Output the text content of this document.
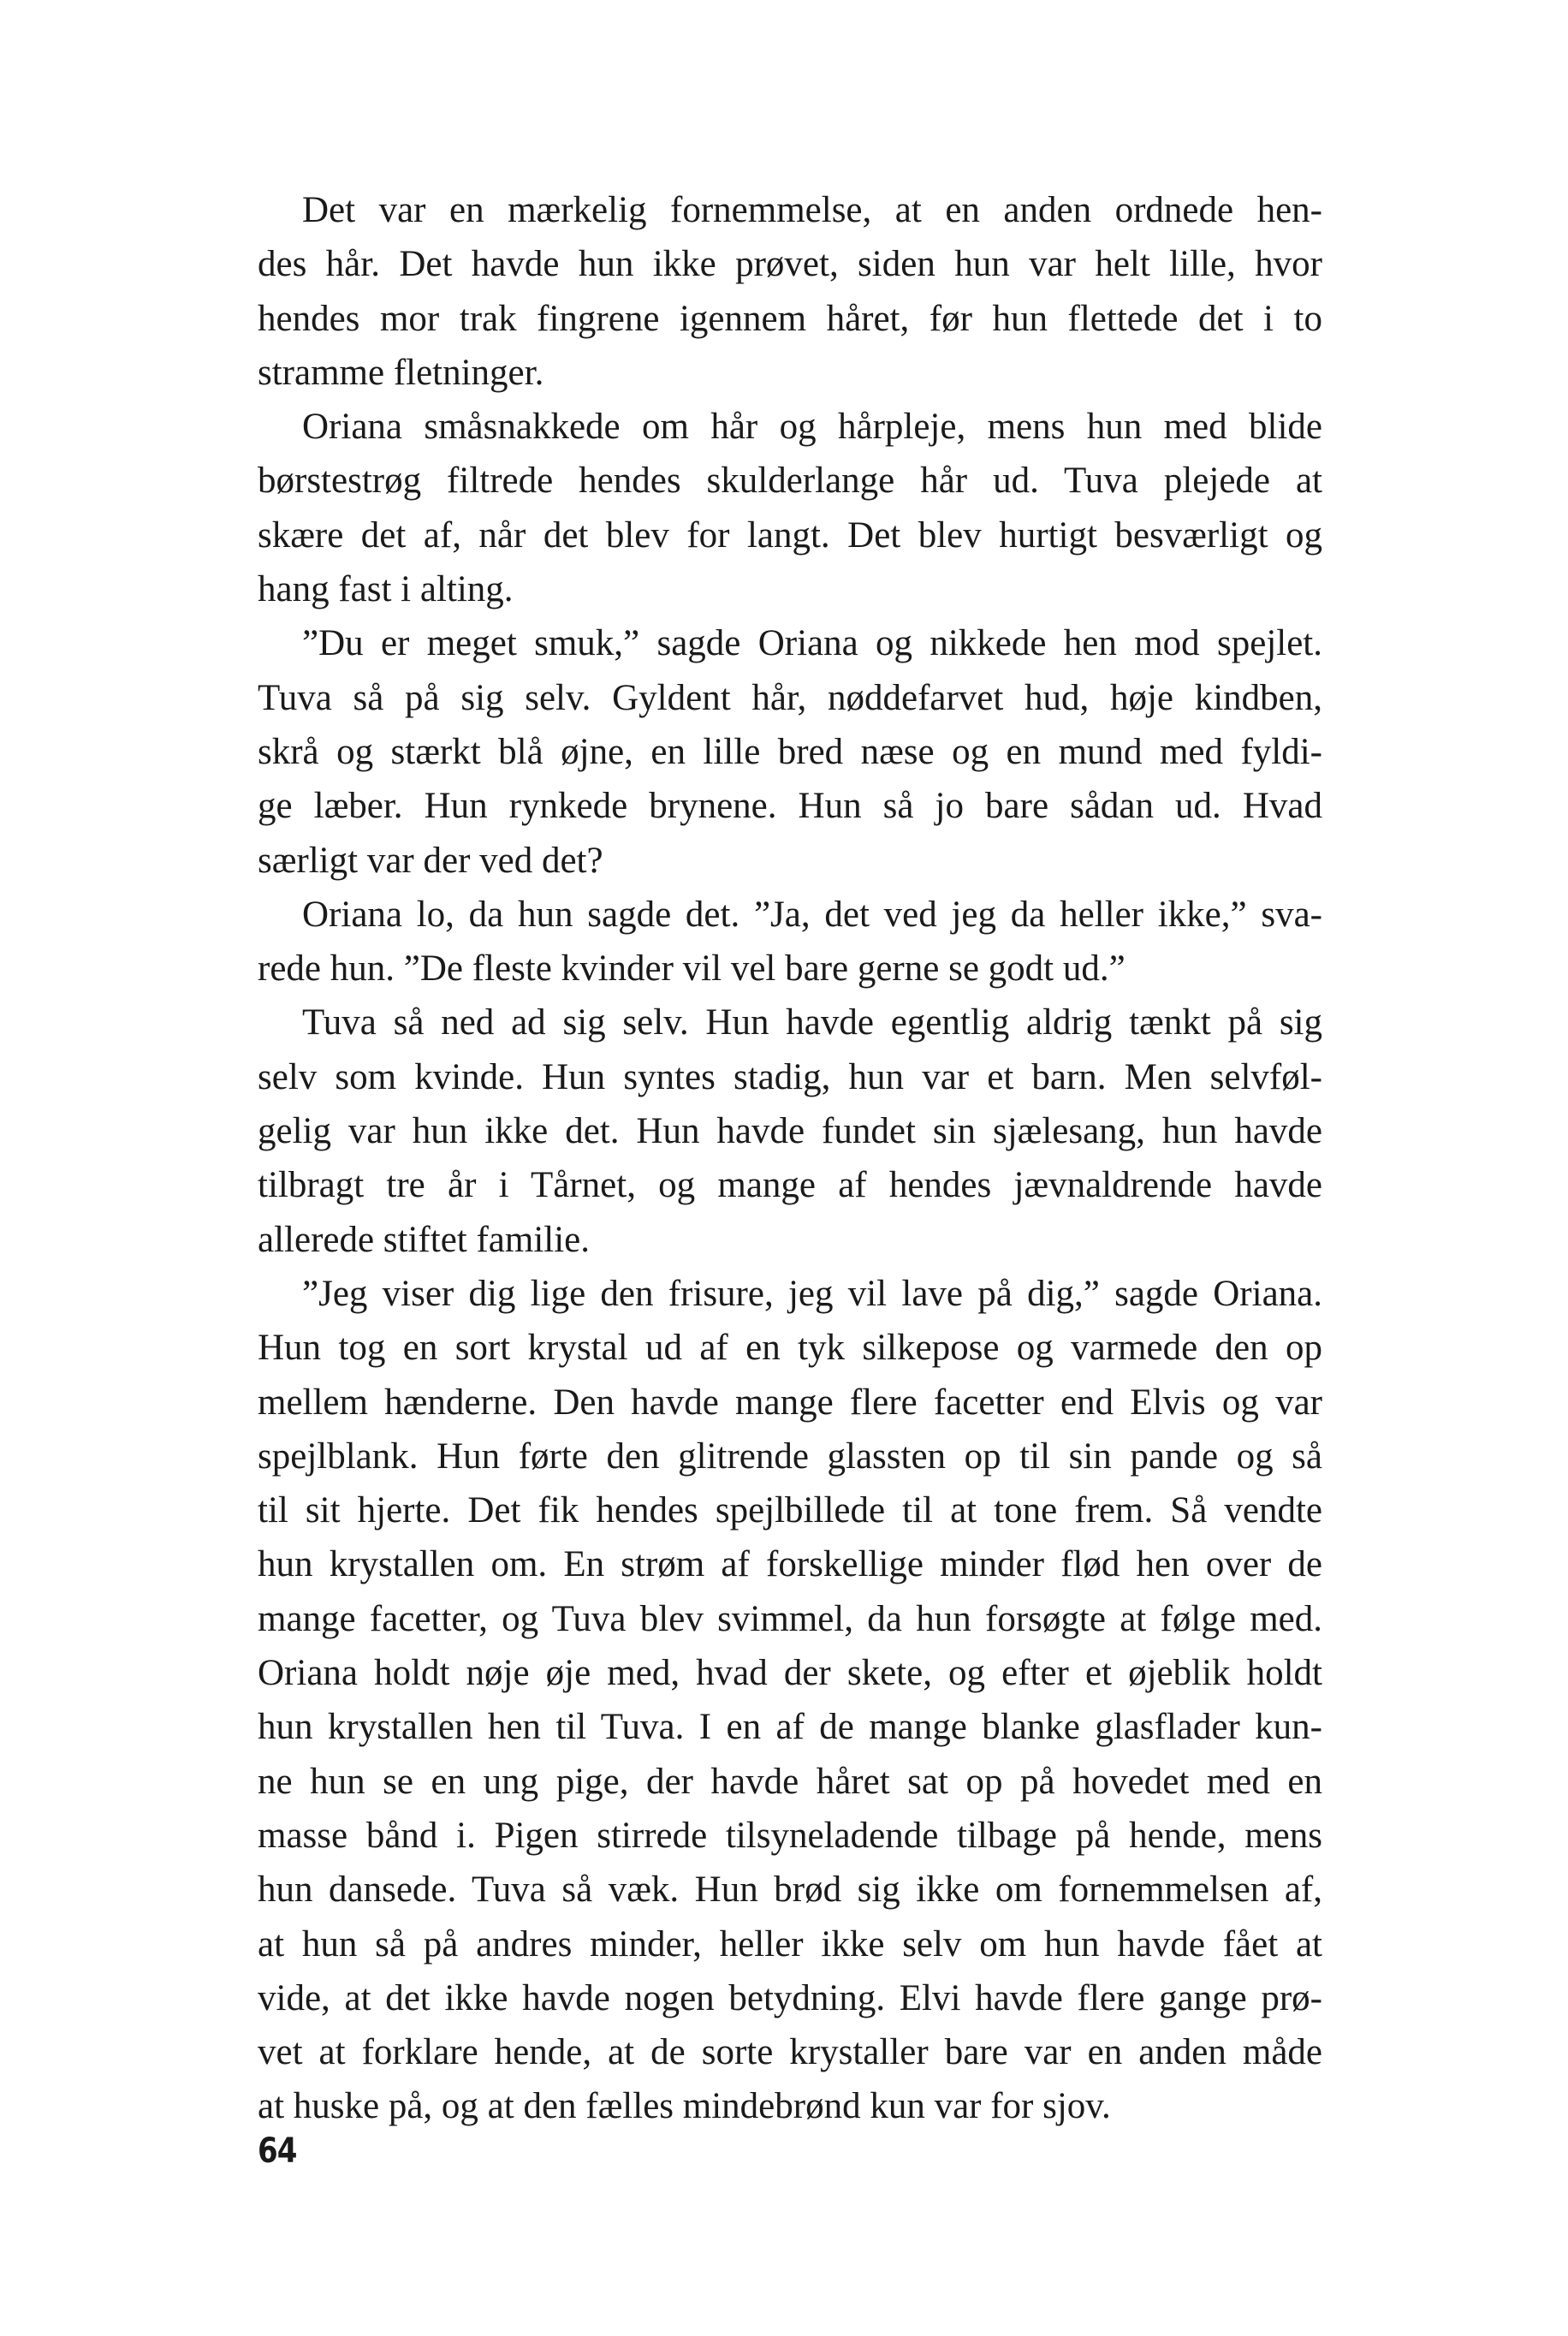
Det var en mærkelig fornemmelse, at en anden ordnede hen-
des hår. Det havde hun ikke prøvet, siden hun var helt lille, hvor
hendes mor trak fingrene igennem håret, før hun flettede det i to
stramme fletninger.
Oriana småsnakkede om hår og hårpleje, mens hun med blide
børstestrøg filtrede hendes skulderlange hår ud. Tuva plejede at
skære det af, når det blev for langt. Det blev hurtigt besværligt og
hang fast i alting.
”Du er meget smuk,” sagde Oriana og nikkede hen mod spejlet.
Tuva så på sig selv. Gyldent hår, nøddefarvet hud, høje kindben,
skrå og stærkt blå øjne, en lille bred næse og en mund med fyldi-
ge læber. Hun rynkede brynene. Hun så jo bare sådan ud. Hvad
særligt var der ved det?
Oriana lo, da hun sagde det. ”Ja, det ved jeg da heller ikke,” sva-
rede hun. ”De fleste kvinder vil vel bare gerne se godt ud.”
Tuva så ned ad sig selv. Hun havde egentlig aldrig tænkt på sig
selv som kvinde. Hun syntes stadig, hun var et barn. Men selvføl-
gelig var hun ikke det. Hun havde fundet sin sjælesang, hun havde
tilbragt tre år i Tårnet, og mange af hendes jævnaldrende havde
allerede stiftet familie.
”Jeg viser dig lige den frisure, jeg vil lave på dig,” sagde Oriana.
Hun tog en sort krystal ud af en tyk silkepose og varmede den op
mellem hænderne. Den havde mange flere facetter end Elvis og var
spejlblank. Hun førte den glitrende glassten op til sin pande og så
til sit hjerte. Det fik hendes spejlbillede til at tone frem. Så vendte
hun krystallen om. En strøm af forskellige minder flød hen over de
mange facetter, og Tuva blev svimmel, da hun forsøgte at følge med.
Oriana holdt nøje øje med, hvad der skete, og efter et øjeblik holdt
hun krystallen hen til Tuva. I en af de mange blanke glasflader kun-
ne hun se en ung pige, der havde håret sat op på hovedet med en
masse bånd i. Pigen stirrede tilsyneladende tilbage på hende, mens
hun dansede. Tuva så væk. Hun brød sig ikke om fornemmelsen af,
at hun så på andres minder, heller ikke selv om hun havde fået at
vide, at det ikke havde nogen betydning. Elvi havde flere gange prø-
vet at forklare hende, at de sorte krystaller bare var en anden måde
at huske på, og at den fælles mindebrønd kun var for sjov.
64
